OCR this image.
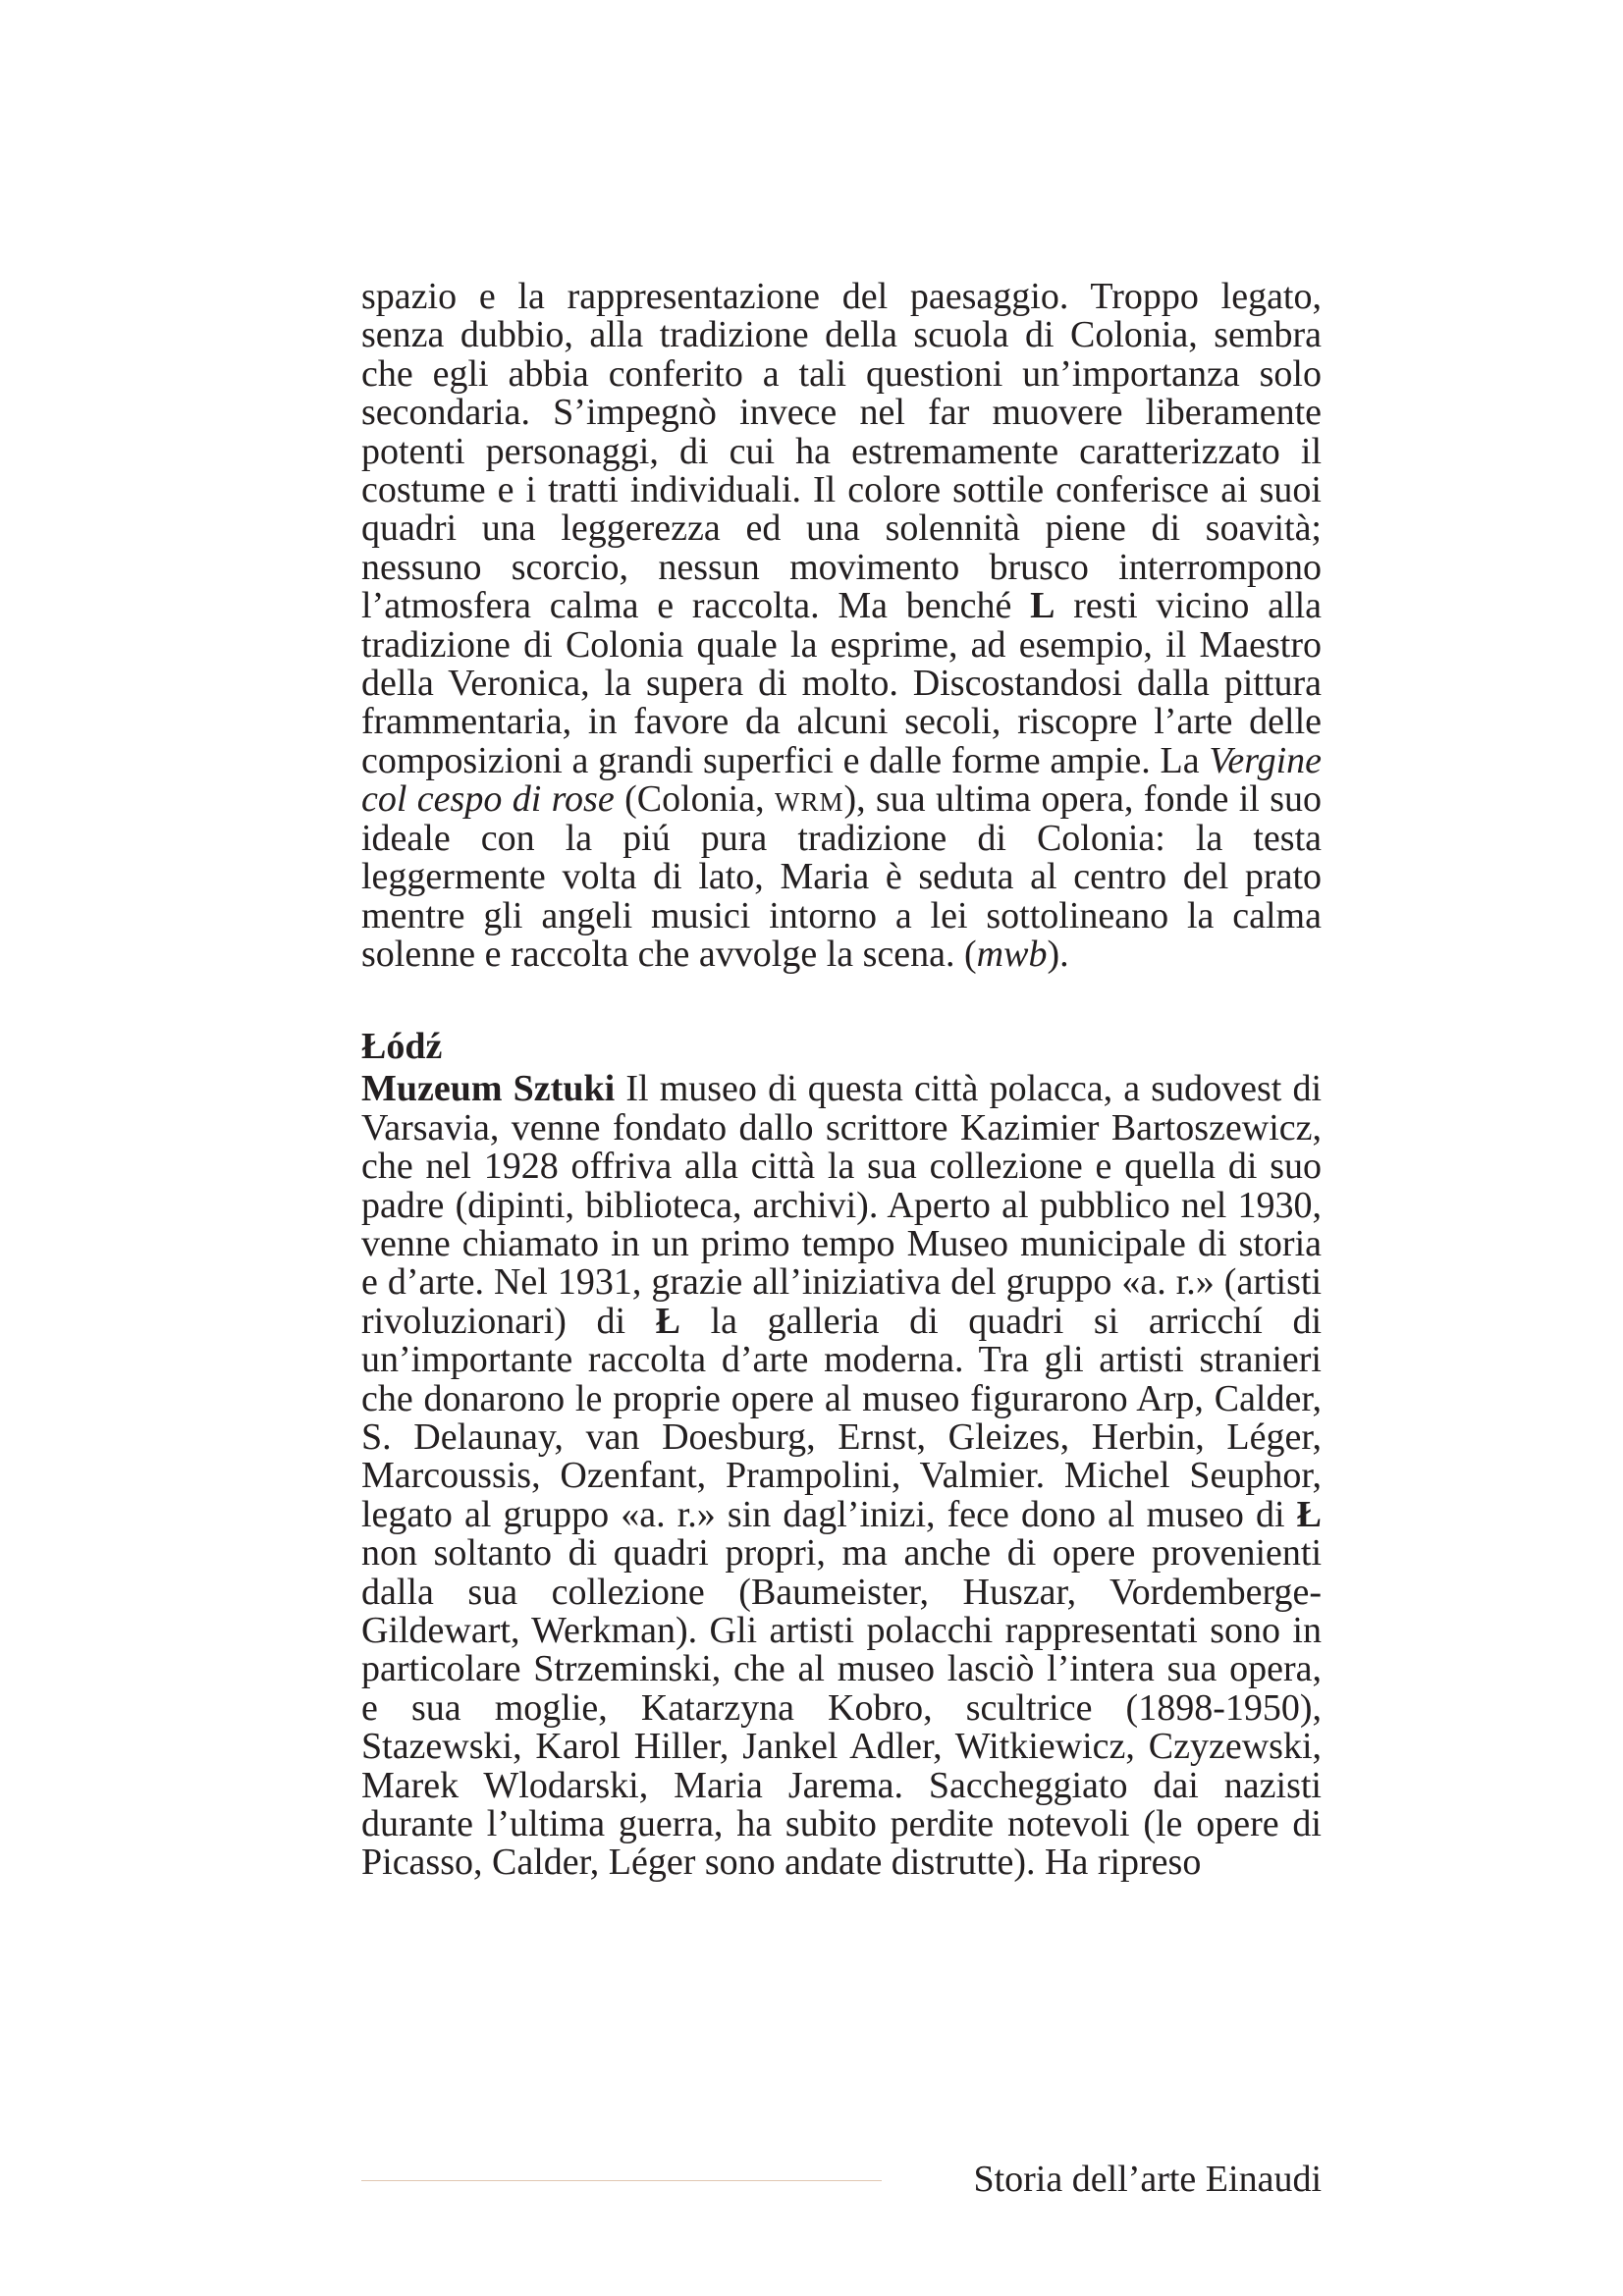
spazio e la rappresentazione del paesaggio. Troppo legato, senza dubbio, alla tradizione della scuola di Colonia, sembra che egli abbia conferito a tali questioni un’importanza solo secondaria. S’impegnò invece nel far muovere liberamente potenti personaggi, di cui ha estremamente caratterizzato il costume e i tratti individuali. Il colore sottile conferisce ai suoi quadri una leggerezza ed una solennità piene di soavità; nessuno scorcio, nessun movimento brusco interrompono l’atmosfera calma e raccolta. Ma benché L resti vicino alla tradizione di Colonia quale la esprime, ad esempio, il Maestro della Veronica, la supera di molto. Discostandosi dalla pittura frammentaria, in favore da alcuni secoli, riscopre l’arte delle composizioni a grandi superfici e dalle forme ampie. La Vergine col cespo di rose (Colonia, wrm), sua ultima opera, fonde il suo ideale con la piú pura tradizione di Colonia: la testa leggermente volta di lato, Maria è seduta al centro del prato mentre gli angeli musici intorno a lei sottolineano la calma solenne e raccolta che avvolge la scena. (mwb).

Łódź

Muzeum Sztuki Il museo di questa città polacca, a sudovest di Varsavia, venne fondato dallo scrittore Kazimier Bartoszewicz, che nel 1928 offriva alla città la sua collezione e quella di suo padre (dipinti, biblioteca, archivi). Aperto al pubblico nel 1930, venne chiamato in un primo tempo Museo municipale di storia e d’arte. Nel 1931, grazie all’iniziativa del gruppo «a. r.» (artisti rivoluzionari) di Ł la galleria di quadri si arricchí di un’importante raccolta d’arte moderna. Tra gli artisti stranieri che donarono le proprie opere al museo figurarono Arp, Calder, S. Delaunay, van Doesburg, Ernst, Gleizes, Herbin, Léger, Marcoussis, Ozenfant, Prampolini, Valmier. Michel Seuphor, legato al gruppo «a. r.» sin dagl’inizi, fece dono al museo di Ł non soltanto di quadri propri, ma anche di opere provenienti dalla sua collezione (Baumeister, Huszar, Vordemberge-Gildewart, Werkman). Gli artisti polacchi rappresentati sono in particolare Strzeminski, che al museo lasciò l’intera sua opera, e sua moglie, Katarzyna Kobro, scultrice (1898-1950), Stazewski, Karol Hiller, Jankel Adler, Witkiewicz, Czyzewski, Marek Wlodarski, Maria Jarema. Saccheggiato dai nazisti durante l’ultima guerra, ha subito perdite notevoli (le opere di Picasso, Calder, Léger sono andate distrutte). Ha ripreso

Storia dell’arte Einaudi
